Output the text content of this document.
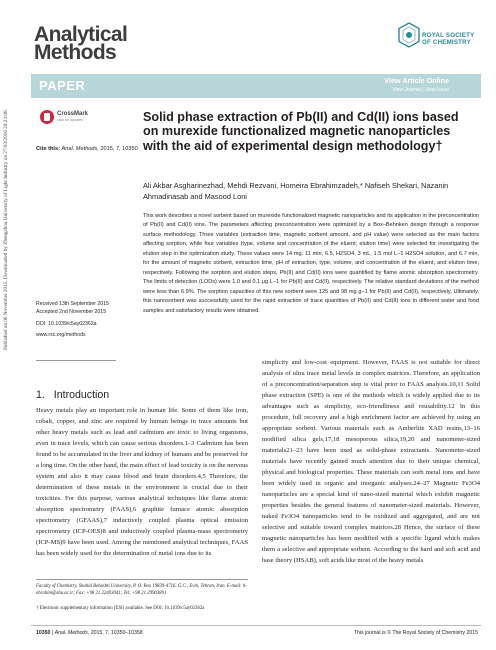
Analytical
Methods
ROYAL SOCIETY
OF CHEMISTRY
PAPER	View Article Online
View Journal | View Issue
Published on 06 November 2015. Downloaded by Zhengzhou University of Light Industry on 27/03/2016 20:23:08.	CrossMark
click for updates
Cite this: Anal. Methods, 2015, 7, 10350
Solid phase extraction of Pb(II) and Cd(II) ions based on murexide functionalized magnetic nanoparticles with the aid of experimental design methodology†
Ali Akbar Asgharinezhad, Mehdi Rezvani, Homeira Ebrahimzadeh,* Nafiseh Shekari, Nazanin Ahmadinasab and Masood Loni
This work describes a novel sorbent based on murexide functionalized magnetic nanoparticles and its application in the preconcentration of Pb(II) and Cd(II) ions. The parameters affecting preconcentration were optimized by a Box–Behnken design through a response surface methodology. Three variables (extraction time, magnetic sorbent amount, and pH value) were selected as the main factors affecting sorption, while four variables (type, volume and concentration of the eluent; elution time) were selected for investigating the elution step in the optimization study. These values were 14 mg, 11 min, 6.5, H2SO4, 3 mL, 1.5 mol L−1 H2SO4 solution, and 6.7 min, for the amount of magnetic sorbent, extraction time, pH of extraction, type, volume, and concentration of the eluent, and elution time, respectively. Following the sorption and elution steps, Pb(II) and Cd(II) ions were quantified by flame atomic absorption spectrometry. The limits of detection (LODs) were 1.0 and 0.1 μg L−1 for Pb(II) and Cd(II), respectively. The relative standard deviations of the method were less than 6.9%. The sorption capacities of this new sorbent were 125 and 98 mg g−1 for Pb(II) and Cd(II), respectively. Ultimately, this nanosorbent was successfully used for the rapid extraction of trace quantities of Pb(II) and Cd(II) ions in different water and food samples and satisfactory results were obtained.
Received 13th September 2015
Accepted 2nd November 2015
DOI: 10.1039/c5ay02362a
www.rsc.org/methods
1. Introduction

Heavy metals play an important role in human life. Some of them like iron, cobalt, copper, and zinc are required by human beings in trace amounts but other heavy metals such as lead and cadmium are toxic to living organisms, even in trace levels, which can cause serious disorders.1–3 Cadmium has been found to be accumulated in the liver and kidney of humans and be preserved for a long time. On the other hand, the main effect of lead toxicity is on the nervous system and also it may cause blood and brain disorders.4,5 Therefore, the determination of these metals in the environment is crucial due to their toxicities. For this purpose, various analytical techniques like flame atomic absorption spectrometry (FAAS),6 graphite furnace atomic absorption spectrometry (GFAAS),7 inductively coupled plasma optical emission spectrometry (ICP-OES)8 and inductively coupled plasma-mass spectrometry (ICP-MS)9 have been used. Among the mentioned analytical techniques, FAAS has been widely used for the determination of metal ions due to its

simplicity and low-cost equipment. However, FAAS is not suitable for direct analysis of ultra trace metal levels in complex matrices. Therefore, an application of a preconcentration/separation step is vital prior to FAAS analysis.10,11 Solid phase extraction (SPE) is one of the methods which is widely applied due to its advantages such as simplicity, eco-friendliness and reusability.12 In this procedure, full recovery and a high enrichment factor are achieved by using an appropriate sorbent. Various materials such as Amberlite XAD resins,13–16 modified silica gels,17,18 mesoporous silica,19,20 and nanometer-sized materials21–23 have been used as solid-phase extractants. Nanometer-sized materials have recently gained much attention due to their unique chemical, physical and biological properties. These materials can sorb metal ions and have been widely used in organic and inorganic analyses.24–27 Magnetic Fe3O4 nanoparticles are a special kind of nano-sized material which exhibit magnetic properties besides the general features of nanometer-sized materials. However, naked Fe3O4 nanoparticles tend to be oxidized and aggregated, and are not selective and suitable toward complex matrices.28 Hence, the surface of these magnetic nanoparticles has been modified with a specific ligand which makes them a selective and appropriate sorbent. According to the hard and soft acid and base theory (HSAB), soft acids like most of the heavy metals

Faculty of Chemistry, Shahid Beheshti University, P. O. Box 19839-4716, G.C., Evin, Tehran, Iran. E-mail: h-ebrahim@sbu.ac.ir; Fax: +98 21 22403041; Tel: +98 21 29903891
† Electronic supplementary information (ESI) available. See DOI: 10.1039/c5ay02362a
10350 | Anal. Methods, 2015, 7, 10350–10358	This journal is © The Royal Society of Chemistry 2015
